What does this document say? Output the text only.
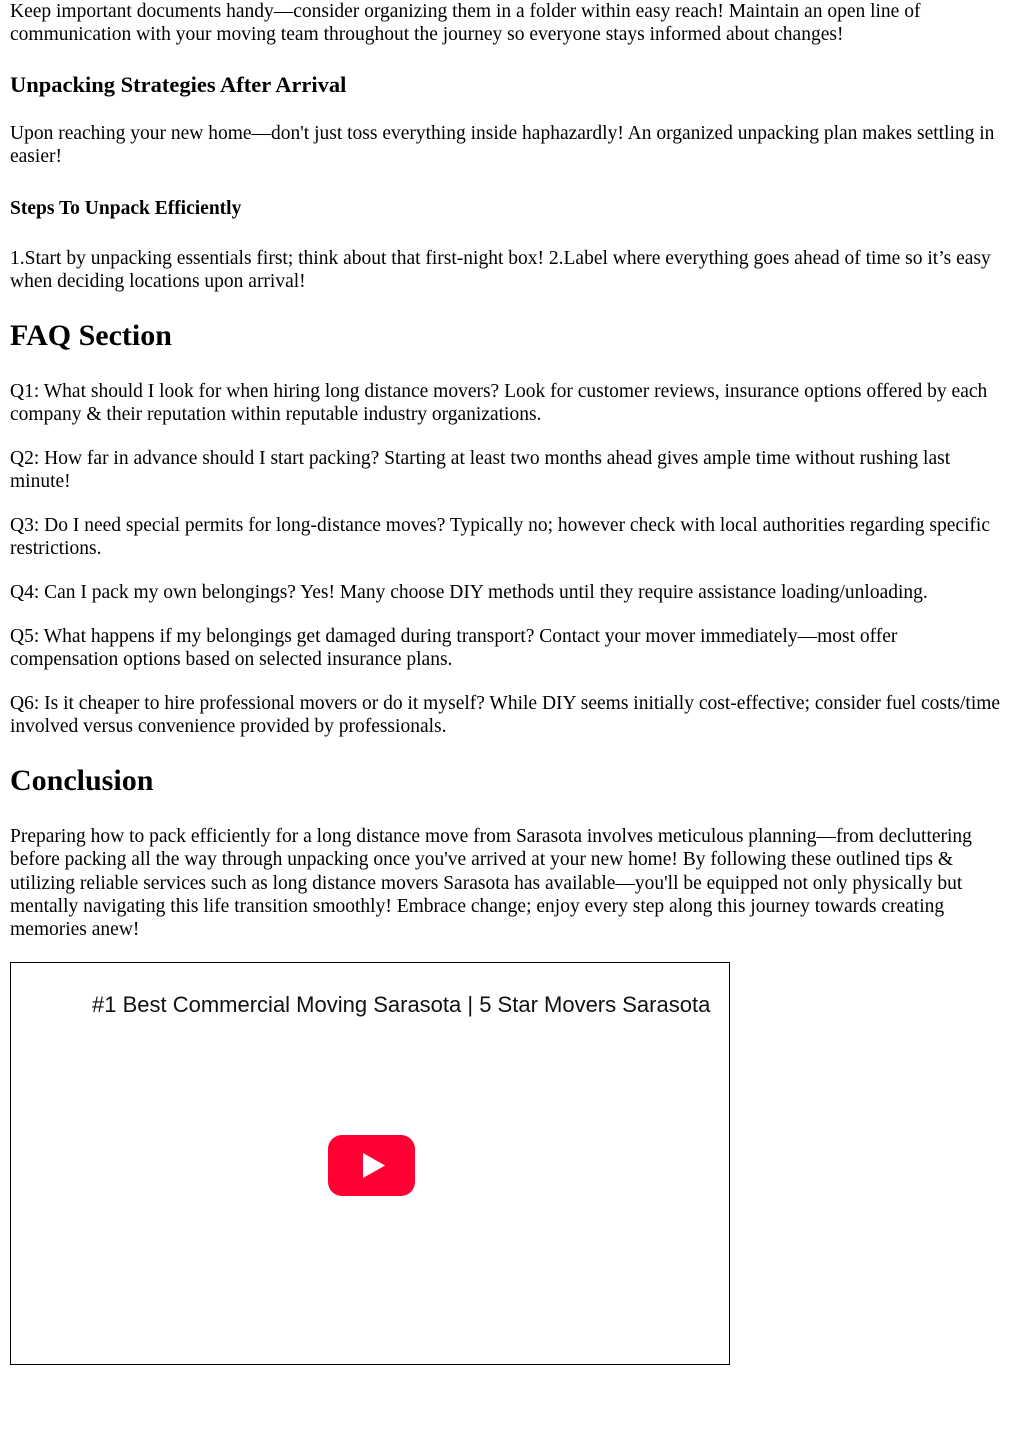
Keep important documents handy—consider organizing them in a folder within easy reach! Maintain an open line of communication with your moving team throughout the journey so everyone stays informed about changes!

Unpacking Strategies After Arrival

Upon reaching your new home—don't just toss everything inside haphazardly! An organized unpacking plan makes settling in easier!

Steps To Unpack Efficiently

1.Start by unpacking essentials first; think about that first-night box! 2.Label where everything goes ahead of time so it’s easy when deciding locations upon arrival!

FAQ Section

Q1: What should I look for when hiring long distance movers? Look for customer reviews, insurance options offered by each company & their reputation within reputable industry organizations.

Q2: How far in advance should I start packing? Starting at least two months ahead gives ample time without rushing last minute!

Q3: Do I need special permits for long-distance moves? Typically no; however check with local authorities regarding specific restrictions.

Q4: Can I pack my own belongings? Yes! Many choose DIY methods until they require assistance loading/unloading.

Q5: What happens if my belongings get damaged during transport? Contact your mover immediately—most offer compensation options based on selected insurance plans.

Q6: Is it cheaper to hire professional movers or do it myself? While DIY seems initially cost-effective; consider fuel costs/time involved versus convenience provided by professionals.

Conclusion

Preparing how to pack efficiently for a long distance move from Sarasota involves meticulous planning—from decluttering before packing all the way through unpacking once you've arrived at your new home! By following these outlined tips & utilizing reliable services such as long distance movers Sarasota has available—you'll be equipped not only physically but mentally navigating this life transition smoothly! Embrace change; enjoy every step along this journey towards creating memories anew!

#1 Best Commercial Moving Sarasota | 5 Star Movers Sarasota
